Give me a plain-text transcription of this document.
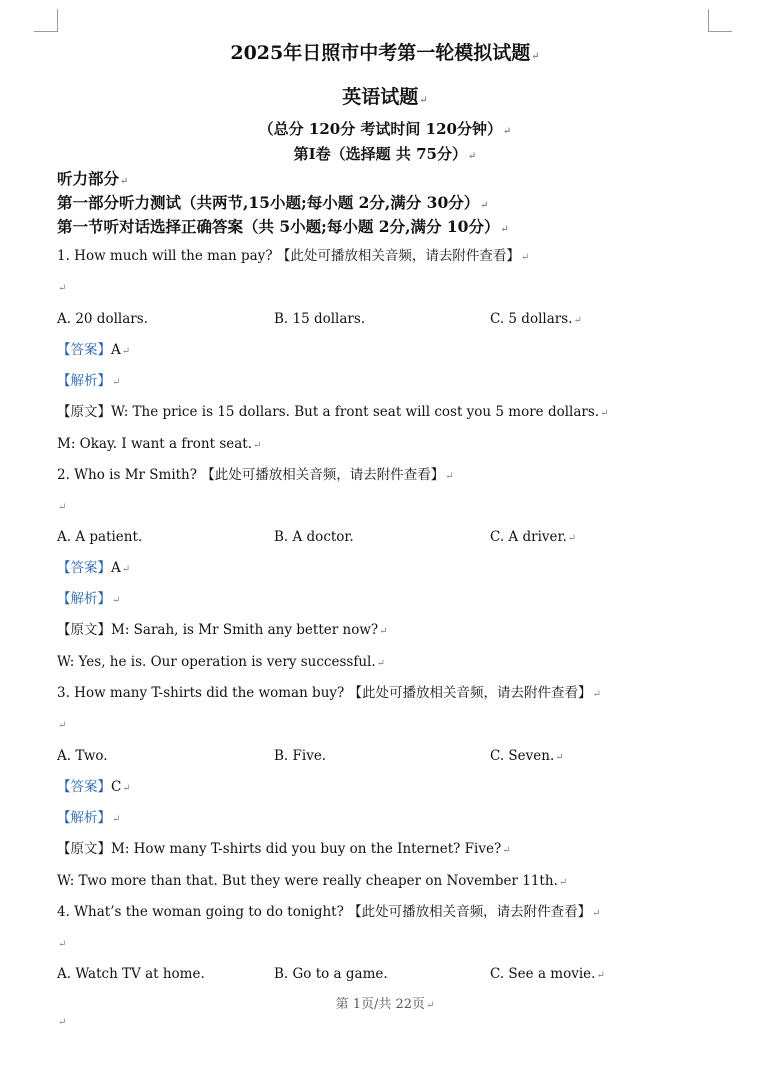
2025年日照市中考第一轮模拟试题↵
英语试题↵
（总分 120分 考试时间 120分钟）↵
第Ⅰ卷（选择题 共 75分）↵
听力部分↵
第一部分听力测试（共两节,15小题;每小题 2分,满分 30分）↵
第一节听对话选择正确答案（共 5小题;每小题 2分,满分 10分）↵
1. How much will the man pay? 【此处可播放相关音频，请去附件查看】↵
↵
A. 20 dollars.	B. 15 dollars.	C. 5 dollars.↵
【答案】A↵
【解析】↵
【原文】W: The price is 15 dollars. But a front seat will cost you 5 more dollars.↵
M: Okay. I want a front seat.↵
2. Who is Mr Smith? 【此处可播放相关音频，请去附件查看】↵
↵
A. A patient.	B. A doctor.	C. A driver.↵
【答案】A↵
【解析】↵
【原文】M: Sarah, is Mr Smith any better now?↵
W: Yes, he is. Our operation is very successful.↵
3. How many T-shirts did the woman buy? 【此处可播放相关音频，请去附件查看】↵
↵
A. Two.	B. Five.	C. Seven.↵
【答案】C↵
【解析】↵
【原文】M: How many T-shirts did you buy on the Internet? Five?↵
W: Two more than that. But they were really cheaper on November 11th.↵
4. What’s the woman going to do tonight? 【此处可播放相关音频，请去附件查看】↵
↵
A. Watch TV at home.	B. Go to a game.	C. See a movie.↵
第 1页/共 22页↵
↵
